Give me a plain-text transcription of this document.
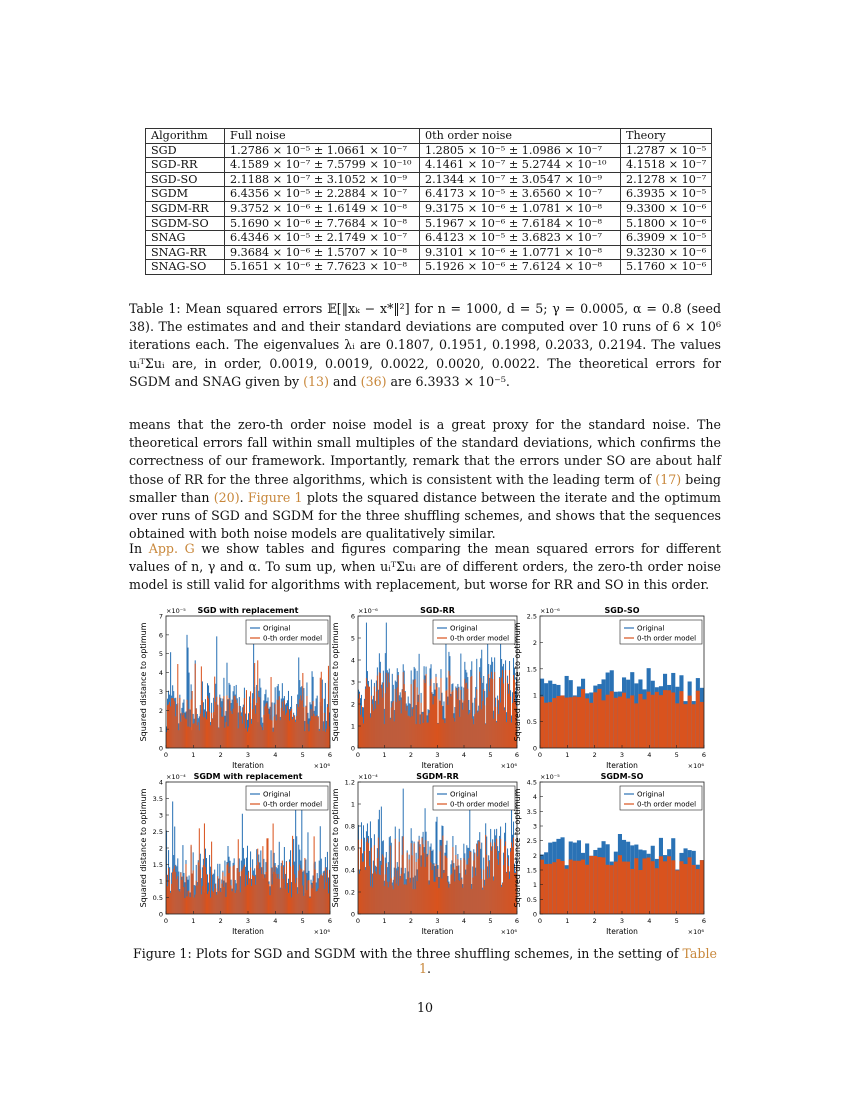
Algorithm	Full noise	0th order noise	Theory
SGD	1.2786 × 10⁻⁵ ± 1.0661 × 10⁻⁷	1.2805 × 10⁻⁵ ± 1.0986 × 10⁻⁷	1.2787 × 10⁻⁵
SGD-RR	4.1589 × 10⁻⁷ ± 7.5799 × 10⁻¹⁰	4.1461 × 10⁻⁷ ± 5.2744 × 10⁻¹⁰	4.1518 × 10⁻⁷
SGD-SO	2.1188 × 10⁻⁷ ± 3.1052 × 10⁻⁹	2.1344 × 10⁻⁷ ± 3.0547 × 10⁻⁹	2.1278 × 10⁻⁷
SGDM	6.4356 × 10⁻⁵ ± 2.2884 × 10⁻⁷	6.4173 × 10⁻⁵ ± 3.6560 × 10⁻⁷	6.3935 × 10⁻⁵
SGDM-RR	9.3752 × 10⁻⁶ ± 1.6149 × 10⁻⁸	9.3175 × 10⁻⁶ ± 1.0781 × 10⁻⁸	9.3300 × 10⁻⁶
SGDM-SO	5.1690 × 10⁻⁶ ± 7.7684 × 10⁻⁸	5.1967 × 10⁻⁶ ± 7.6184 × 10⁻⁸	5.1800 × 10⁻⁶
SNAG	6.4346 × 10⁻⁵ ± 2.1749 × 10⁻⁷	6.4123 × 10⁻⁵ ± 3.6823 × 10⁻⁷	6.3909 × 10⁻⁵
SNAG-RR	9.3684 × 10⁻⁶ ± 1.5707 × 10⁻⁸	9.3101 × 10⁻⁶ ± 1.0771 × 10⁻⁸	9.3230 × 10⁻⁶
SNAG-SO	5.1651 × 10⁻⁶ ± 7.7623 × 10⁻⁸	5.1926 × 10⁻⁶ ± 7.6124 × 10⁻⁸	5.1760 × 10⁻⁶
Table 1: Mean squared errors 𝔼[‖xₖ − x*‖²] for n = 1000, d = 5; γ = 0.0005, α = 0.8 (seed 38). The estimates and and their standard deviations are computed over 10 runs of 6 × 10⁶ iterations each. The eigenvalues λᵢ are 0.1807, 0.1951, 0.1998, 0.2033, 0.2194. The values uᵢᵀΣuᵢ are, in order, 0.0019, 0.0019, 0.0022, 0.0020, 0.0022. The theoretical errors for SGDM and SNAG given by (13) and (36) are 6.3933 × 10⁻⁵.
means that the zero-th order noise model is a great proxy for the standard noise. The theoretical errors fall within small multiples of the standard deviations, which confirms the correctness of our framework. Importantly, remark that the errors under SO are about half those of RR for the three algorithms, which is consistent with the leading term of (17) being smaller than (20). Figure 1 plots the squared distance between the iterate and the optimum over runs of SGD and SGDM for the three shuffling schemes, and shows that the sequences obtained with both noise models are qualitatively similar.
In App. G we show tables and figures comparing the mean squared errors for different values of n, γ and α. To sum up, when uᵢᵀΣuᵢ are of different orders, the zero-th order noise model is still valid for algorithms with replacement, but worse for RR and SO in this order.
Squared distance to optimum
SGD with replacement
×10⁻⁵
0
1
2
3
4
5
6
7
0	1	2	3	4	5	6
Iteration	×10⁶
Original
0-th order model Squared distance to optimum
SGD-RR
×10⁻⁶
0
1
2
3
4
5
6
0	1	2	3	4	5	6
Iteration	×10⁶
Original
0-th order model Squared distance to optimum
SGD-SO
×10⁻⁶
0
0.5
1
1.5
2
2.5
0	1	2	3	4	5	6
Iteration	×10⁶
Original
0-th order model
Squared distance to optimum
SGDM with replacement
×10⁻⁴
0
0.5
1
1.5
2
2.5
3
3.5
4
0	1	2	3	4	5	6
Iteration	×10⁶
Original
0-th order model Squared distance to optimum
SGDM-RR
×10⁻⁴
0
0.2
0.4
0.6
0.8
1
1.2
0	1	2	3	4	5	6
Iteration	×10⁶
Original
0-th order model Squared distance to optimum
SGDM-SO
×10⁻⁵
0
0.5
1
1.5
2
2.5
3
3.5
4
4.5
0	1	2	3	4	5	6
Iteration	×10⁶
Original
0-th order model
Figure 1: Plots for SGD and SGDM with the three shuffling schemes, in the setting of Table 1.
10
